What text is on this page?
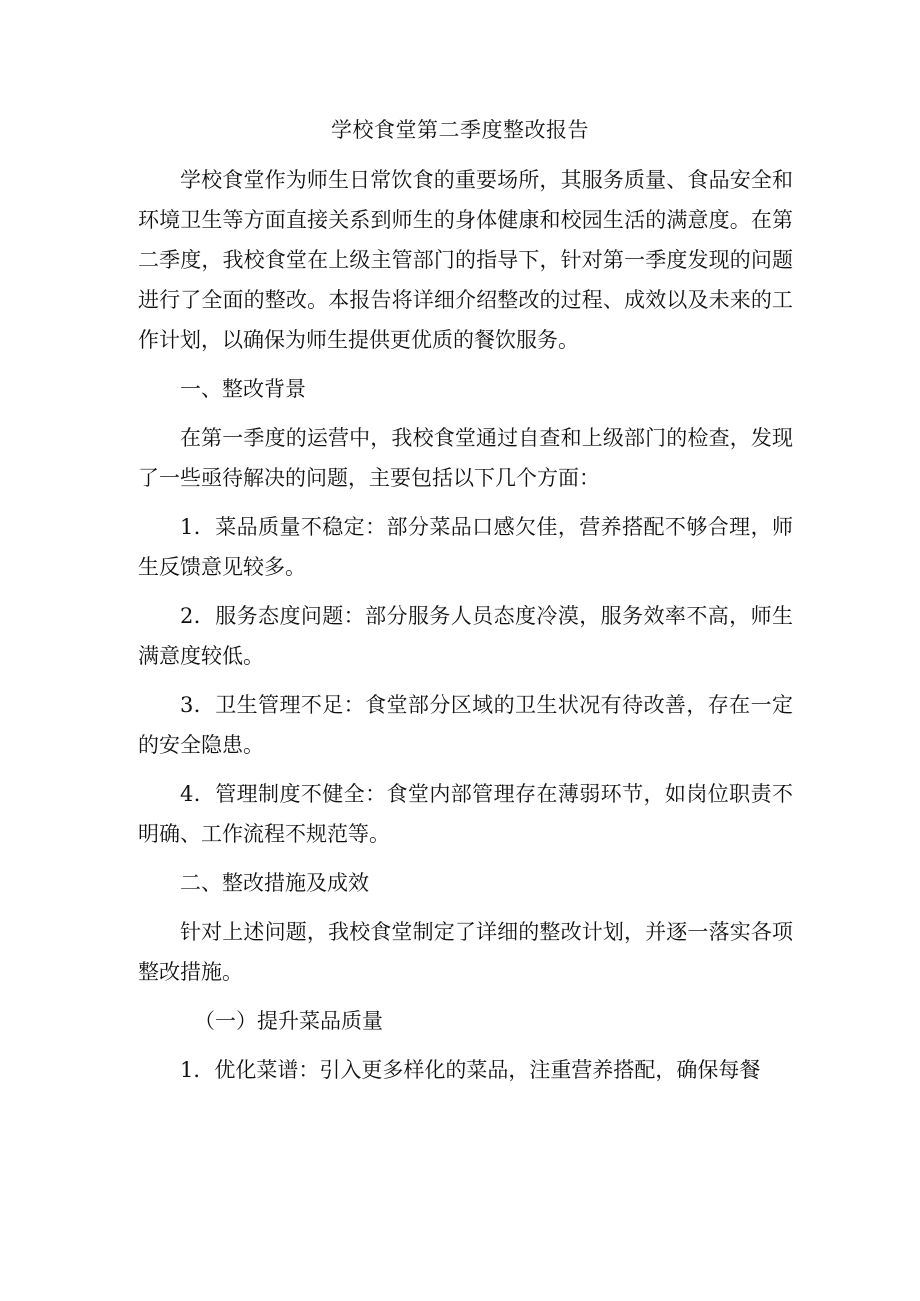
学校食堂第二季度整改报告

学校食堂作为师生日常饮食的重要场所，其服务质量、食品安全和环境卫生等方面直接关系到师生的身体健康和校园生活的满意度。在第二季度，我校食堂在上级主管部门的指导下，针对第一季度发现的问题进行了全面的整改。本报告将详细介绍整改的过程、成效以及未来的工作计划，以确保为师生提供更优质的餐饮服务。

一、整改背景

在第一季度的运营中，我校食堂通过自查和上级部门的检查，发现了一些亟待解决的问题，主要包括以下几个方面：

1．菜品质量不稳定：部分菜品口感欠佳，营养搭配不够合理，师生反馈意见较多。

2．服务态度问题：部分服务人员态度冷漠，服务效率不高，师生满意度较低。

3．卫生管理不足：食堂部分区域的卫生状况有待改善，存在一定的安全隐患。

4．管理制度不健全：食堂内部管理存在薄弱环节，如岗位职责不明确、工作流程不规范等。

二、整改措施及成效

针对上述问题，我校食堂制定了详细的整改计划，并逐一落实各项整改措施。

（一）提升菜品质量

1．优化菜谱：引入更多样化的菜品，注重营养搭配，确保每餐
